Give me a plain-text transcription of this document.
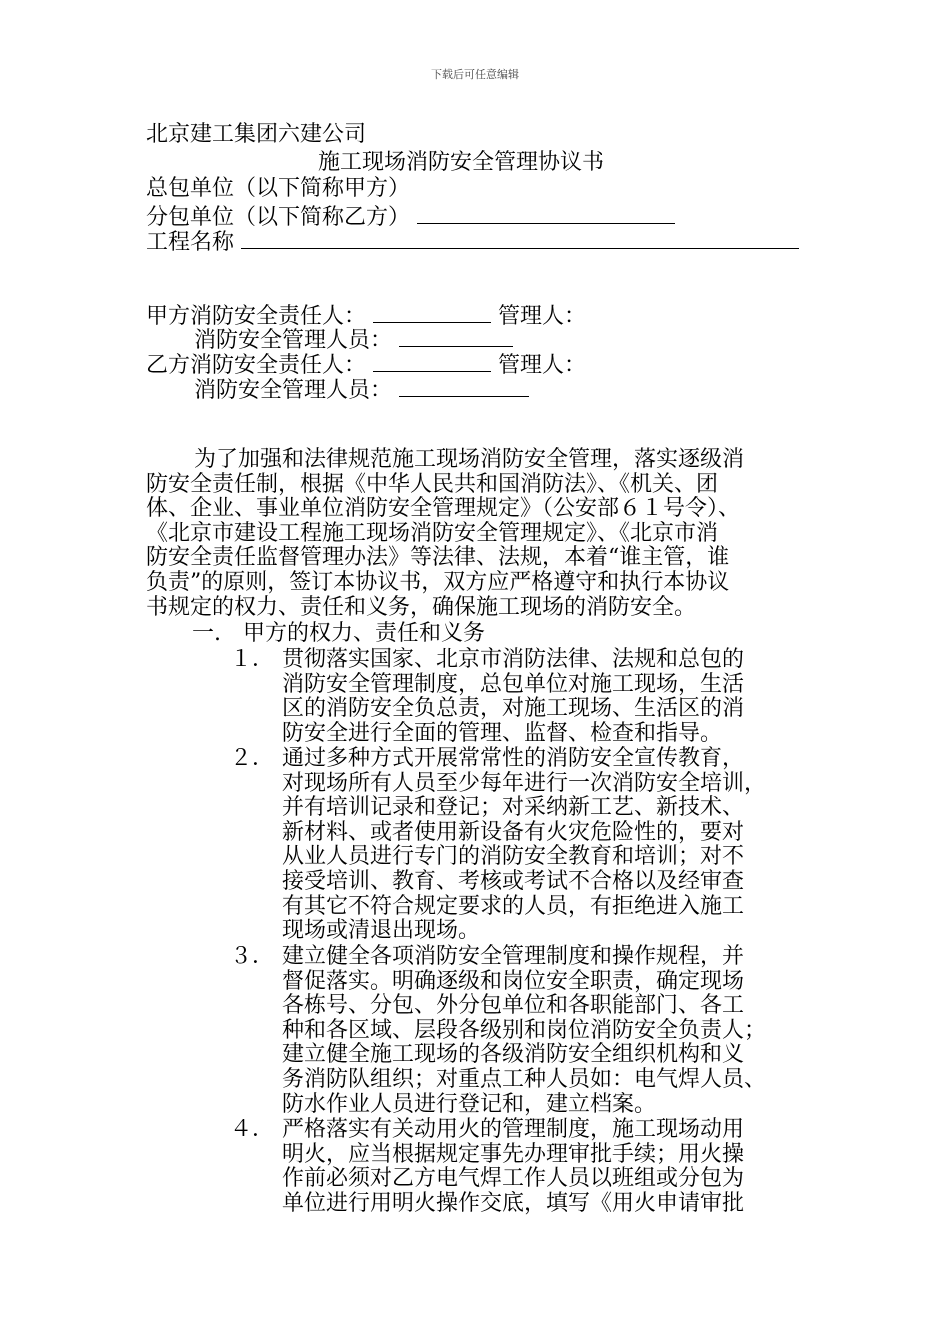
下载后可任意编辑
北京建工集团六建公司
施工现场消防安全管理协议书
总包单位（以下简称甲方）
分包单位（以下简称乙方）
工程名称
甲方消防安全责任人：	管理人：
消防安全管理人员：
乙方消防安全责任人：	管理人：
消防安全管理人员：

为了加强和法律规范施工现场消防安全管理，落实逐级消

防安全责任制，根据《中华人民共和国消防法》、《机关、团

体、企业、事业单位消防安全管理规定》（公安部６１号令）、

《北京市建设工程施工现场消防安全管理规定》、《北京市消

防安全责任监督管理办法》等法律、法规，本着“谁主管，谁

负责”的原则，签订本协议书，双方应严格遵守和执行本协议

书规定的权力、责任和义务，确保施工现场的消防安全。

一.　甲方的权力、责任和义务
１． 贯彻落实国家、北京市消防法律、法规和总包的
消防安全管理制度，总包单位对施工现场，生活
区的消防安全负总责，对施工现场、生活区的消
防安全进行全面的管理、监督、检查和指导。
２． 通过多种方式开展常常性的消防安全宣传教育，
对现场所有人员至少每年进行一次消防安全培训，
并有培训记录和登记；对采纳新工艺、新技术、
新材料、或者使用新设备有火灾危险性的，要对
从业人员进行专门的消防安全教育和培训；对不
接受培训、教育、考核或考试不合格以及经审查
有其它不符合规定要求的人员，有拒绝进入施工
现场或清退出现场。
３． 建立健全各项消防安全管理制度和操作规程，并
督促落实。明确逐级和岗位安全职责，确定现场
各栋号、分包、外分包单位和各职能部门、各工
种和各区域、层段各级别和岗位消防安全负责人；
建立健全施工现场的各级消防安全组织机构和义
务消防队组织；对重点工种人员如：电气焊人员、
防水作业人员进行登记和，建立档案。
４． 严格落实有关动用火的管理制度，施工现场动用
明火，应当根据规定事先办理审批手续；用火操
作前必须对乙方电气焊工作人员以班组或分包为
单位进行用明火操作交底，填写《用火申请审批
